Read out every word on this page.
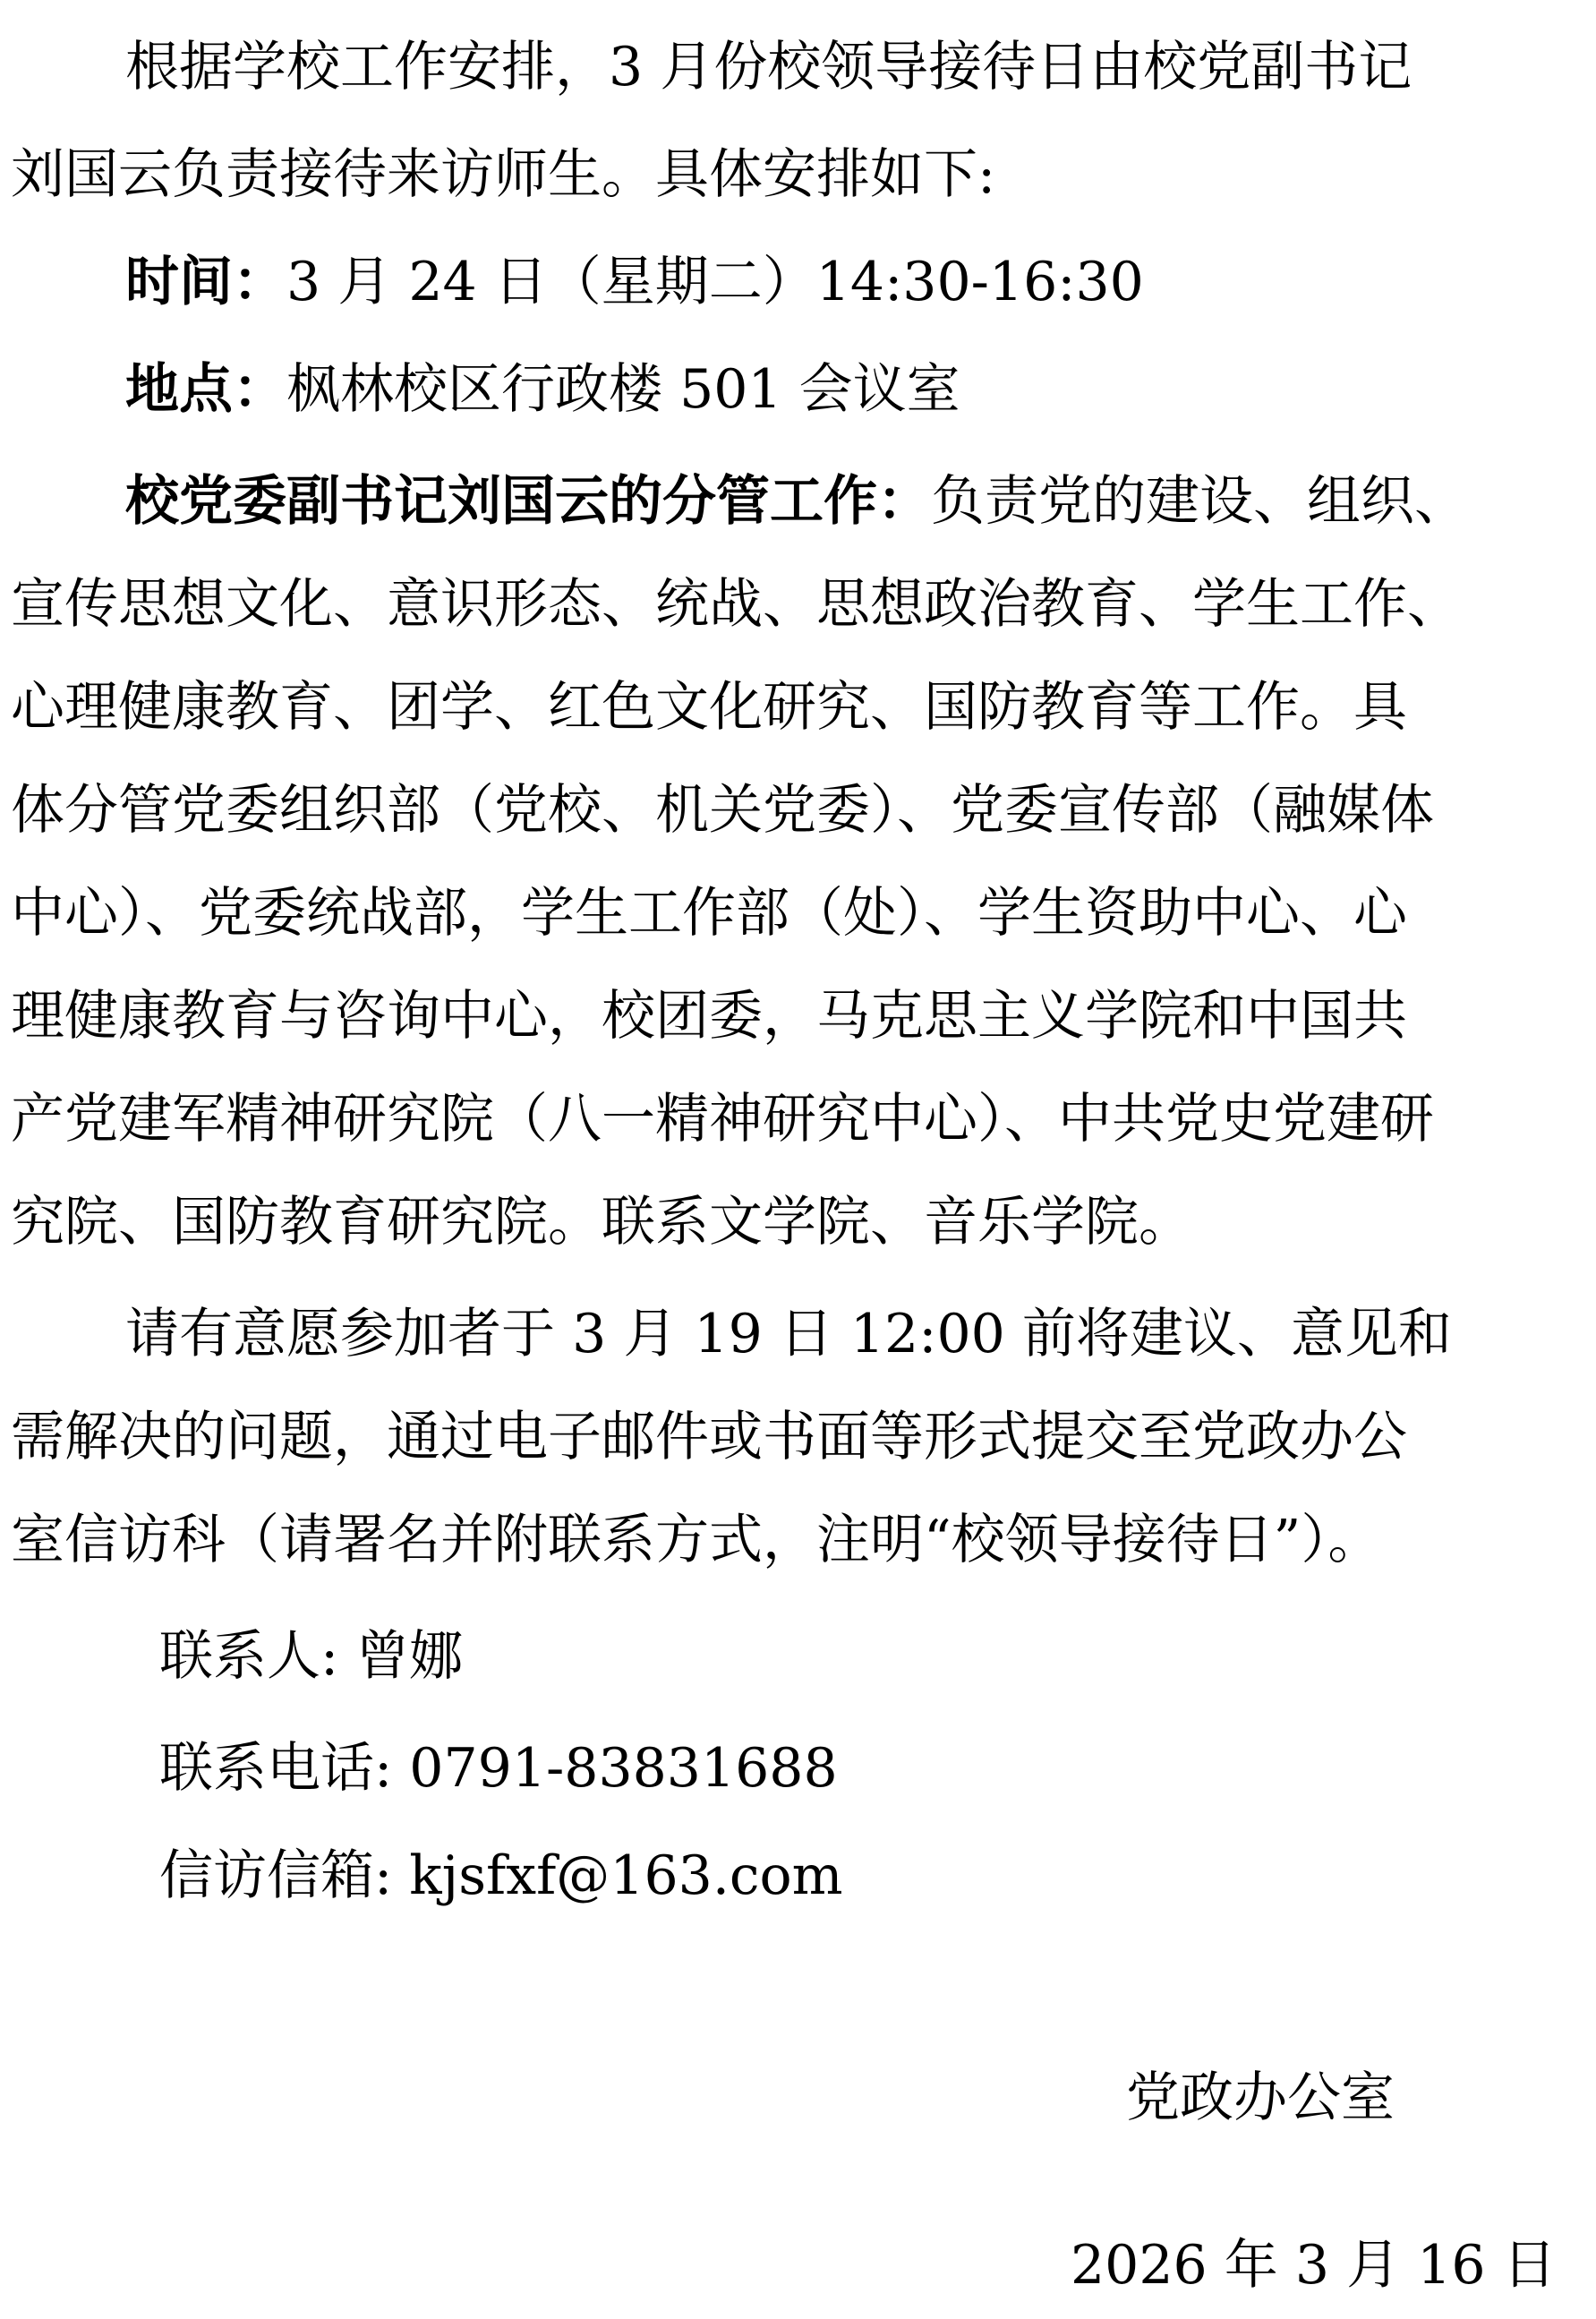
根据学校工作安排，3 月份校领导接待日由校党副书记
刘国云负责接待来访师生。具体安排如下:
时间：3 月 24 日（星期二）14:30-16:30
地点：枫林校区行政楼 501 会议室
校党委副书记刘国云的分管工作：负责党的建设、组织、
宣传思想文化、意识形态、统战、思想政治教育、学生工作、
心理健康教育、团学、红色文化研究、国防教育等工作。具
体分管党委组织部（党校、机关党委）、党委宣传部（融媒体
中心）、党委统战部，学生工作部（处）、学生资助中心、心
理健康教育与咨询中心，校团委，马克思主义学院和中国共
产党建军精神研究院（八一精神研究中心）、中共党史党建研
究院、国防教育研究院。联系文学院、音乐学院。
请有意愿参加者于 3 月 19 日 12:00 前将建议、意见和
需解决的问题，通过电子邮件或书面等形式提交至党政办公
室信访科（请署名并附联系方式，注明“校领导接待日”）。
联系人: 曾娜
联系电话: 0791-83831688
信访信箱: kjsfxf@163.com
党政办公室
2026 年 3 月 16 日
